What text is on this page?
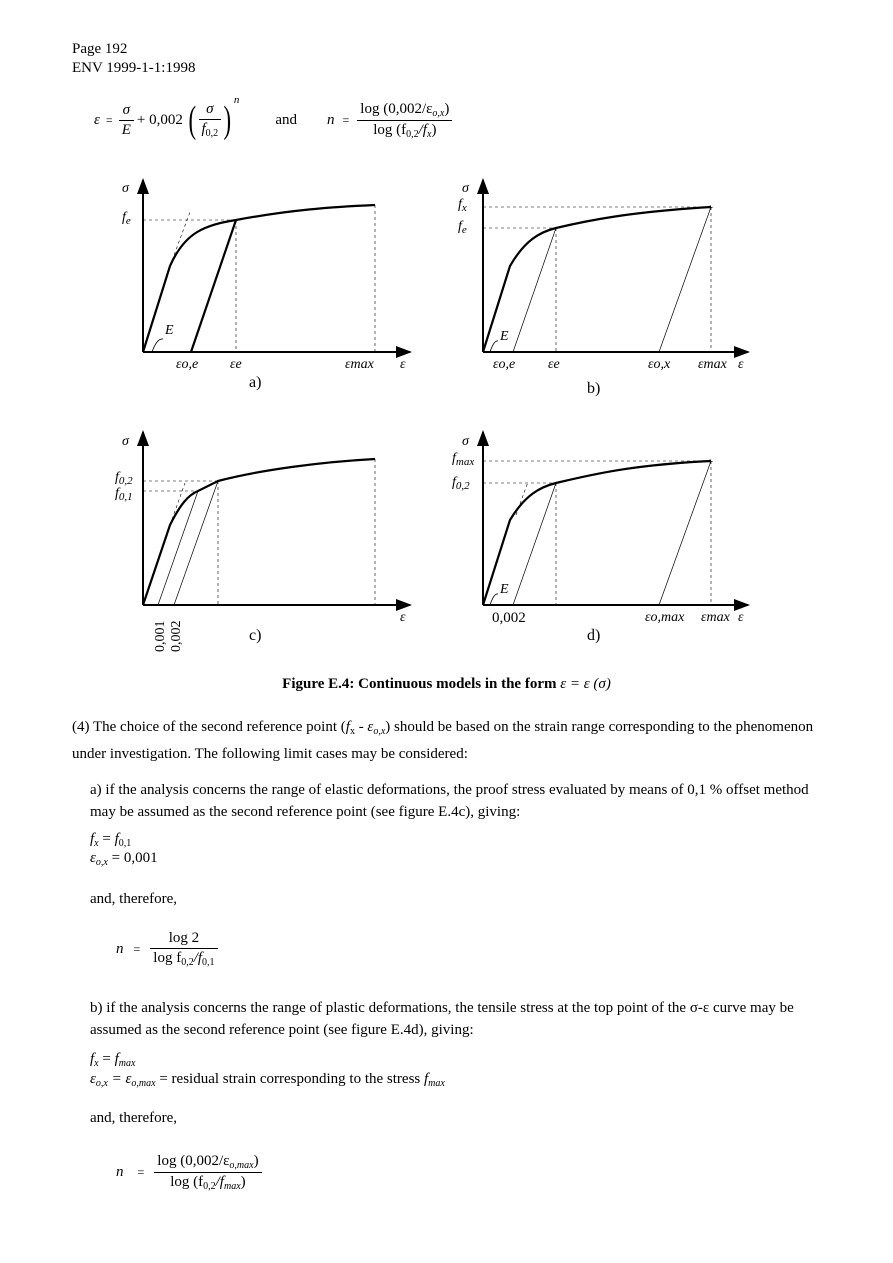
Page 192
ENV 1999-1-1:1998
$\varepsilon = \frac{\sigma}{E} + 0,002$ ( $\frac{\sigma}{f_{0,2}}$ ) n
and $n = \frac{\log (0,002/\varepsilon_{o,x})}{\log (f_{0,2}/f_x)}$
σ
$f_e$
E
εo,e εe	εmax ε
a)
+
σ
$f_x$
$f_e$
E
εo,e εe	εo,x εmax ε
b)
σ
$f_{0,2}$
$f_{0,1}$
0,001 0,002
ε
c)
+
σ
$f_{max}$
$f_{0,2}$
E
0,002	εo,max εmax ε
d)
Figure E.4: Continuous models in the form ε = ε (σ)
(4) The choice of the second reference point $(f_x - \varepsilon_{o,x})$ should be based on the strain range corresponding to the phenomenon under investigation. The following limit cases may be considered:
a) if the analysis concerns the range of elastic deformations, the proof stress evaluated by means of 0,1 % offset method may be assumed as the second reference point (see figure E.4c), giving:
$f_x = f_{0,1}$
$\varepsilon_{o,x} = 0,001$
and, therefore,
$n = \frac{\log 2}{\log f_{0,2}/f_{0,1}}$
b) if the analysis concerns the range of plastic deformations, the tensile stress at the top point of the σ-ε curve may be assumed as the second reference point (see figure E.4d), giving:
$f_x = f_{max}$
$\varepsilon_{o,x} = \varepsilon_{o,max}$ = residual strain corresponding to the stress $f_{max}$
and, therefore,
$n = \frac{\log (0,002/\varepsilon_{o,max})}{\log (f_{0,2}/f_{max})}$
